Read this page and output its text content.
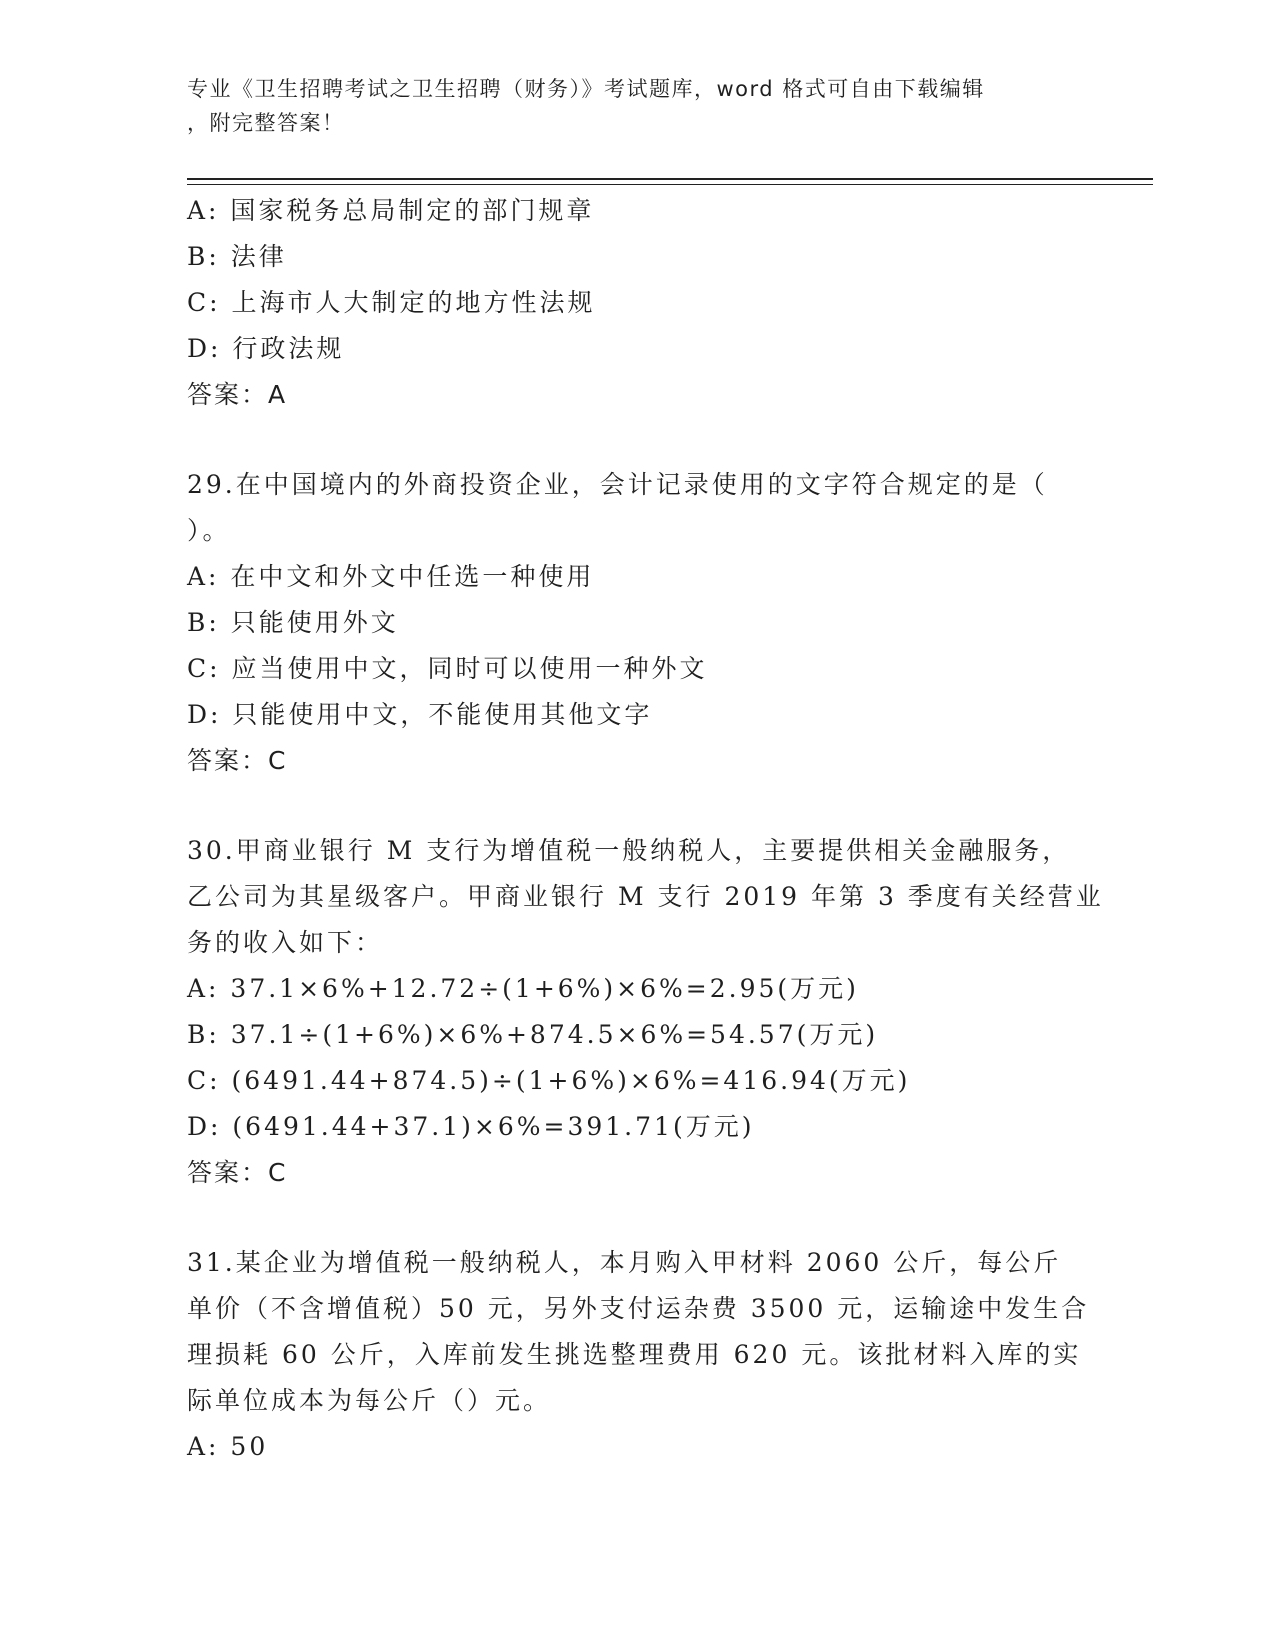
专业《卫生招聘考试之卫生招聘（财务）》考试题库，word 格式可自由下载编辑
，附完整答案！
A: 国家税务总局制定的部门规章
B: 法律
C: 上海市人大制定的地方性法规
D: 行政法规
答案：A
29.在中国境内的外商投资企业，会计记录使用的文字符合规定的是（
）。
A: 在中文和外文中任选一种使用
B: 只能使用外文
C: 应当使用中文，同时可以使用一种外文
D: 只能使用中文，不能使用其他文字
答案：C
30.甲商业银行 M 支行为增值税一般纳税人，主要提供相关金融服务，
乙公司为其星级客户。甲商业银行 M 支行 2019 年第 3 季度有关经营业
务的收入如下：
A: 37.1×6%+12.72÷(1+6%)×6%=2.95(万元)
B: 37.1÷(1+6%)×6%+874.5×6%=54.57(万元)
C: (6491.44+874.5)÷(1+6%)×6%=416.94(万元)
D: (6491.44+37.1)×6%=391.71(万元)
答案：C
31.某企业为增值税一般纳税人，本月购入甲材料 2060 公斤，每公斤
单价（不含增值税）50 元，另外支付运杂费 3500 元，运输途中发生合
理损耗 60 公斤，入库前发生挑选整理费用 620 元。该批材料入库的实
际单位成本为每公斤（）元。
A: 50
